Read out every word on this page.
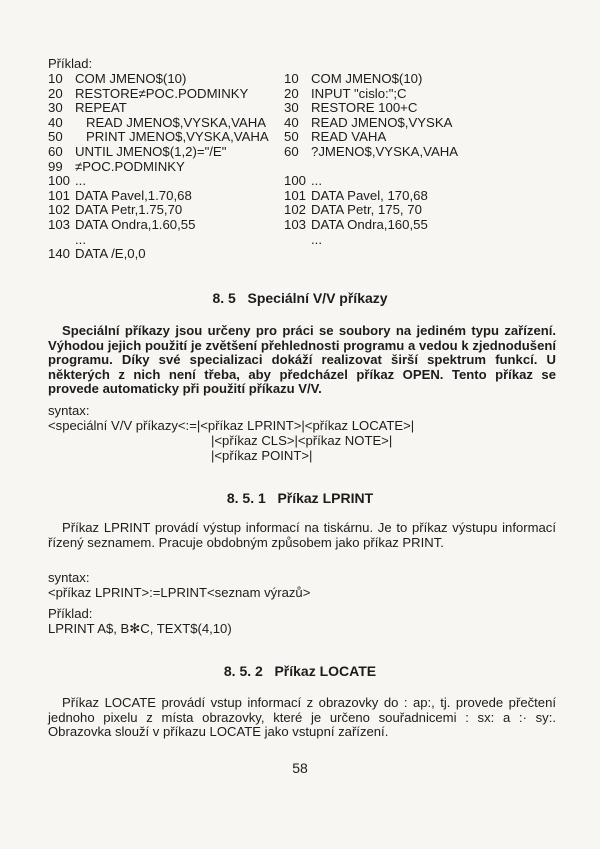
Příklad:
10 COM JMENO$(10)
20 RESTORE≠POC.PODMINKY
30 REPEAT
40   READ JMENO$,VYSKA,VAHA
50   PRINT JMENO$,VYSKA,VAHA
60 UNTIL JMENO$(1,2)="/E"
99 ≠POC.PODMINKY
100 ...
101 DATA Pavel,1.70,68
102 DATA Petr,1.75,70
103 DATA Ondra,1.60,55
...
140 DATA /E,0,0
10 COM JMENO$(10)
20 INPUT "cislo:";C
30 RESTORE 100+C
40 READ JMENO$,VYSKA
50 READ VAHA
60 ?JMENO$,VYSKA,VAHA
100 ...
101 DATA Pavel, 170,68
102 DATA Petr, 175, 70
103 DATA Ondra,160,55
...
8. 5 Speciální V/V příkazy
Speciální příkazy jsou určeny pro práci se soubory na jediném typu zařízení. Výhodou jejich použití je zvětšení přehlednosti programu a vedou k zjednodušení programu. Díky své specializaci dokáží realizovat širší spektrum funkcí. U některých z nich není třeba, aby předcházel příkaz OPEN. Tento příkaz se provede automaticky při použití příkazu V/V.
syntax:
<speciální V/V příkazy<:=|<příkaz LPRINT>|<příkaz LOCATE>|
|<příkaz CLS>|<příkaz NOTE>|
|<příkaz POINT>|
8. 5. 1 Příkaz LPRINT
Příkaz LPRINT provádí výstup informací na tiskárnu. Je to příkaz výstupu informací řízený seznamem. Pracuje obdobným způsobem jako příkaz PRINT.
syntax:
<příkaz LPRINT>:=LPRINT<seznam výrazů>
Příklad:
LPRINT A$, B✻C, TEXT$(4,10)
8. 5. 2 Příkaz LOCATE
Příkaz LOCATE provádí vstup informací z obrazovky do : ap:, tj. provede přečtení jednoho pixelu z místa obrazovky, které je určeno souřadnicemi : sx: a :· sy:. Obrazovka slouží v příkazu LOCATE jako vstupní zařízení.
58
